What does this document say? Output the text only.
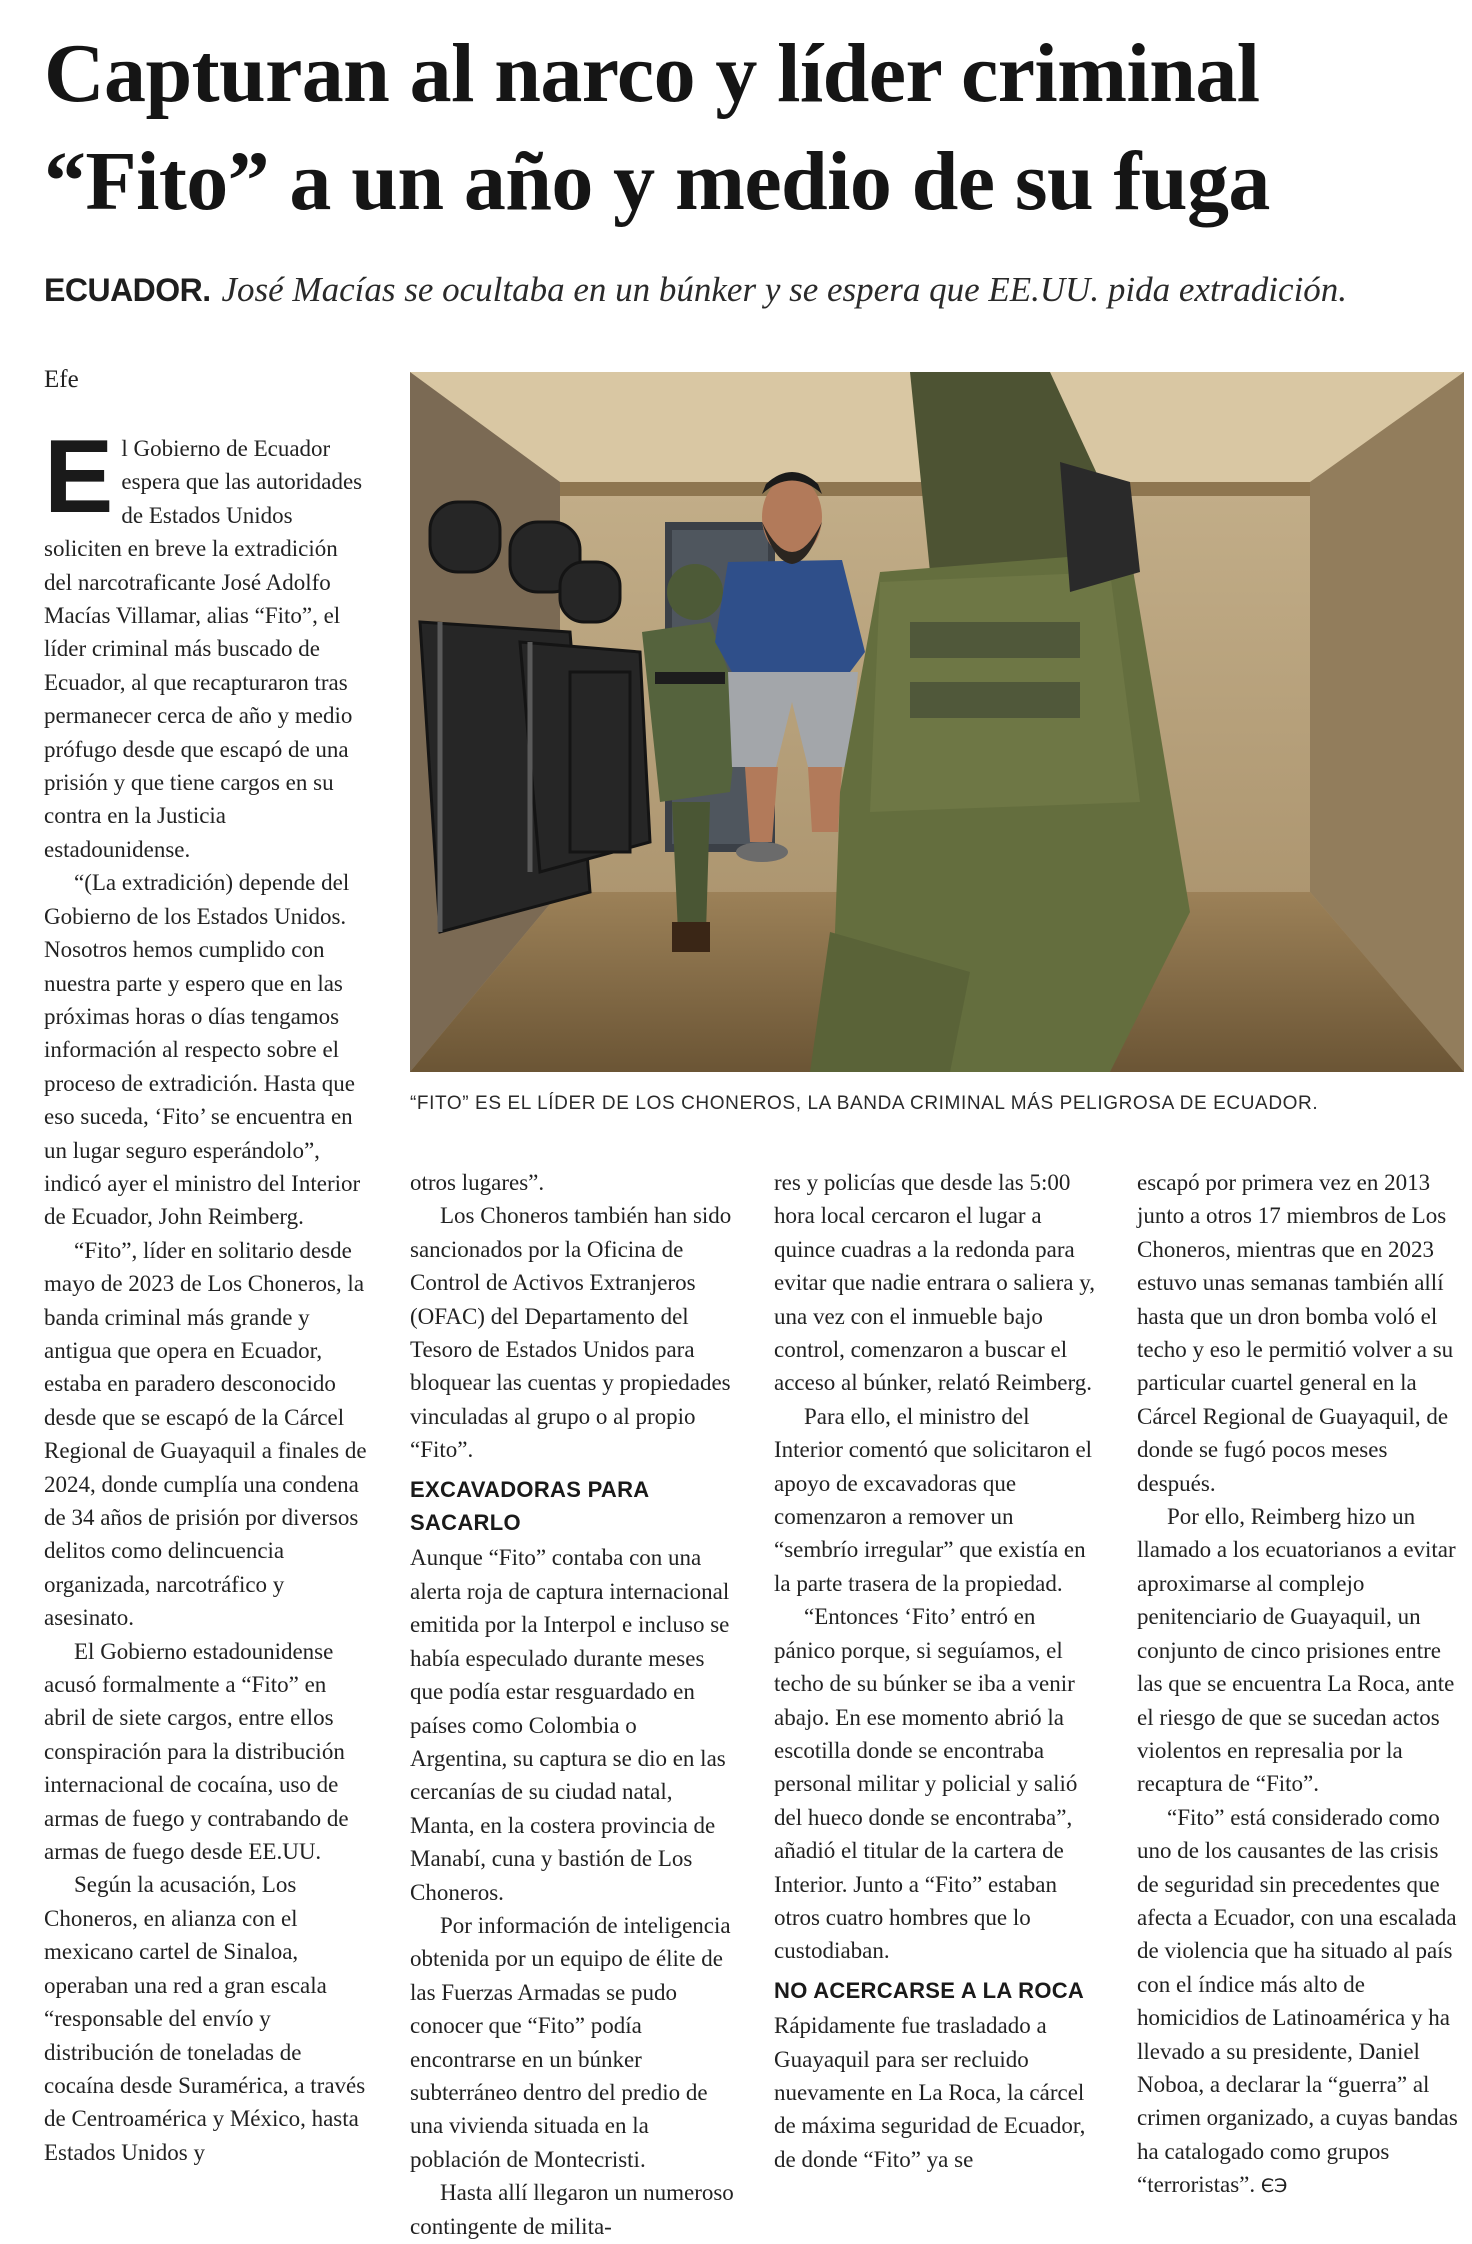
Capturan al narco y líder criminal
“Fito” a un año y medio de su fuga
ECUADOR. José Macías se ocultaba en un búnker y se espera que EE.UU. pida extradición.
Efe
“FITO” ES EL LÍDER DE LOS CHONEROS, LA BANDA CRIMINAL MÁS PELIGROSA DE ECUADOR.
E l Gobierno de Ecuador espera que las autoridades de Estados Unidos soliciten en breve la extradición del narcotraficante José Adolfo Macías Villamar, alias “Fito”, el líder criminal más buscado de Ecuador, al que recapturaron tras permanecer cerca de año y medio prófugo desde que escapó de una prisión y que tiene cargos en su contra en la Justicia estadounidense.

“(La extradición) depende del Gobierno de los Estados Unidos. Nosotros hemos cumplido con nuestra parte y espero que en las próximas horas o días tengamos información al respecto sobre el proceso de extradición. Hasta que eso suceda, ‘Fito’ se encuentra en un lugar seguro esperándolo”, indicó ayer el ministro del Interior de Ecuador, John Reimberg.

“Fito”, líder en solitario desde mayo de 2023 de Los Choneros, la banda criminal más grande y antigua que opera en Ecuador, estaba en paradero desconocido desde que se escapó de la Cárcel Regional de Guayaquil a finales de 2024, donde cumplía una condena de 34 años de prisión por diversos delitos como delincuencia organizada, narcotráfico y asesinato.

El Gobierno estadounidense acusó formalmente a “Fito” en abril de siete cargos, entre ellos conspiración para la distribución internacional de cocaína, uso de armas de fuego y contrabando de armas de fuego desde EE.UU.

Según la acusación, Los Choneros, en alianza con el mexicano cartel de Sinaloa, operaban una red a gran escala “responsable del envío y distribución de toneladas de cocaína desde Suramérica, a través de Centroamérica y México, hasta Estados Unidos y

otros lugares”.

Los Choneros también han sido sancionados por la Oficina de Control de Activos Extranjeros (OFAC) del Departamento del Tesoro de Estados Unidos para bloquear las cuentas y propiedades vinculadas al grupo o al propio “Fito”.

EXCAVADORAS PARA SACARLO

Aunque “Fito” contaba con una alerta roja de captura internacional emitida por la Interpol e incluso se había especulado durante meses que podía estar resguardado en países como Colombia o Argentina, su captura se dio en las cercanías de su ciudad natal, Manta, en la costera provincia de Manabí, cuna y bastión de Los Choneros.

Por información de inteligencia obtenida por un equipo de élite de las Fuerzas Armadas se pudo conocer que “Fito” podía encontrarse en un búnker subterráneo dentro del predio de una vivienda situada en la población de Montecristi.

Hasta allí llegaron un numeroso contingente de milita-

res y policías que desde las 5:00 hora local cercaron el lugar a quince cuadras a la redonda para evitar que nadie entrara o saliera y, una vez con el inmueble bajo control, comenzaron a buscar el acceso al búnker, relató Reimberg.

Para ello, el ministro del Interior comentó que solicitaron el apoyo de excavadoras que comenzaron a remover un “sembrío irregular” que existía en la parte trasera de la propiedad.

“Entonces ‘Fito’ entró en pánico porque, si seguíamos, el techo de su búnker se iba a venir abajo. En ese momento abrió la escotilla donde se encontraba personal militar y policial y salió del hueco donde se encontraba”, añadió el titular de la cartera de Interior. Junto a “Fito” estaban otros cuatro hombres que lo custodiaban.

NO ACERCARSE A LA ROCA

Rápidamente fue trasladado a Guayaquil para ser recluido nuevamente en La Roca, la cárcel de máxima seguridad de Ecuador, de donde “Fito” ya se

escapó por primera vez en 2013 junto a otros 17 miembros de Los Choneros, mientras que en 2023 estuvo unas semanas también allí hasta que un dron bomba voló el techo y eso le permitió volver a su particular cuartel general en la Cárcel Regional de Guayaquil, de donde se fugó pocos meses después.

Por ello, Reimberg hizo un llamado a los ecuatorianos a evitar aproximarse al complejo penitenciario de Guayaquil, un conjunto de cinco prisiones entre las que se encuentra La Roca, ante el riesgo de que se sucedan actos violentos en represalia por la recaptura de “Fito”.

“Fito” está considerado como uno de los causantes de las crisis de seguridad sin precedentes que afecta a Ecuador, con una escalada de violencia que ha situado al país con el índice más alto de homicidios de Latinoamérica y ha llevado a su presidente, Daniel Noboa, a declarar la “guerra” al crimen organizado, a cuyas bandas ha catalogado como grupos “terroristas”. ЄЭ
